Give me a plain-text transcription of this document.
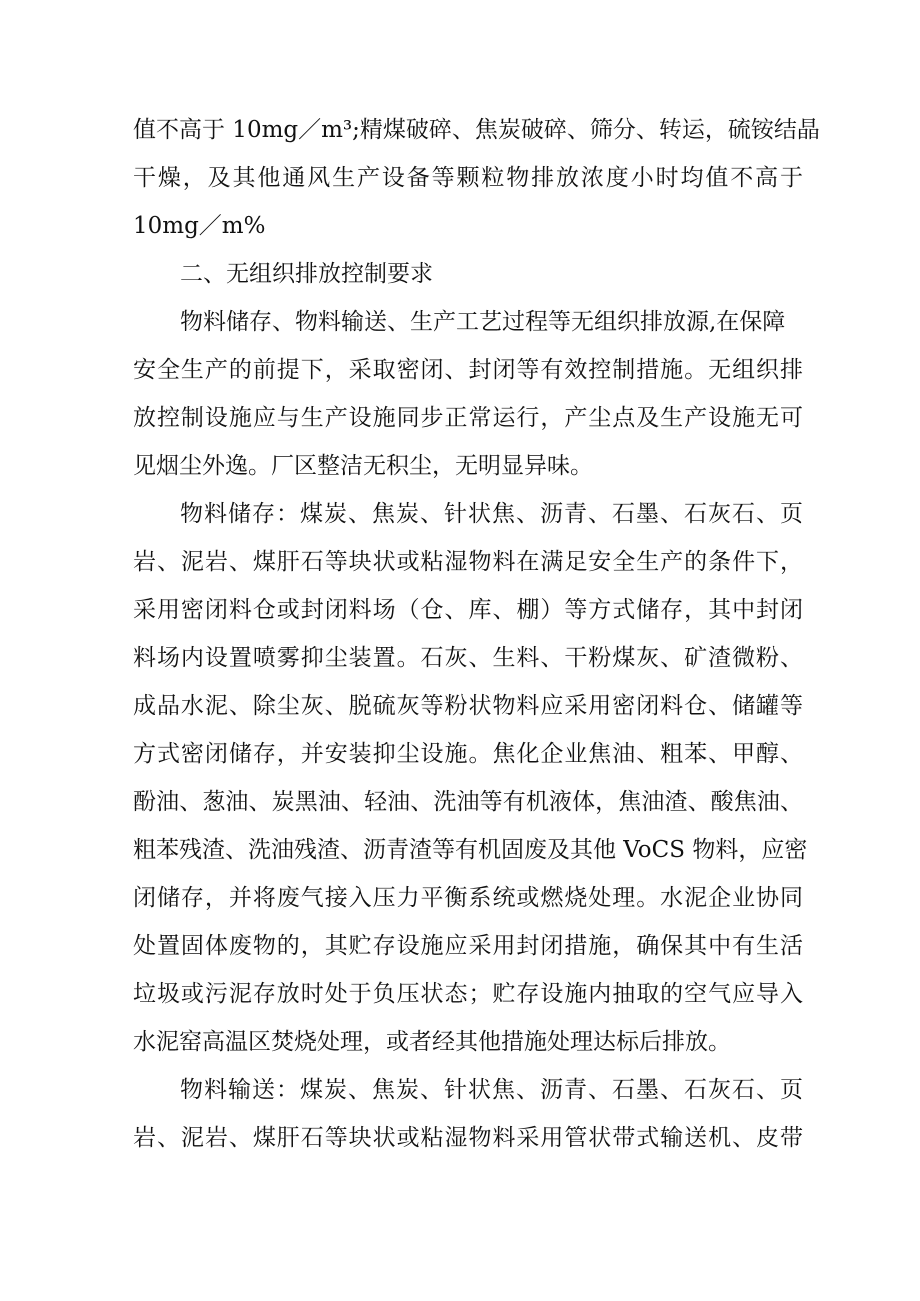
值不高于 10mg／m³;精煤破碎、焦炭破碎、筛分、转运，硫铵结晶
干燥，及其他通风生产设备等颗粒物排放浓度小时均值不高于
10mg／m%
二、无组织排放控制要求
物料储存、物料输送、生产工艺过程等无组织排放源,在保障
安全生产的前提下，采取密闭、封闭等有效控制措施。无组织排
放控制设施应与生产设施同步正常运行，产尘点及生产设施无可
见烟尘外逸。厂区整洁无积尘，无明显异味。
物料储存：煤炭、焦炭、针状焦、沥青、石墨、石灰石、页
岩、泥岩、煤肝石等块状或粘湿物料在满足安全生产的条件下，
采用密闭料仓或封闭料场（仓、库、棚）等方式储存，其中封闭
料场内设置喷雾抑尘装置。石灰、生料、干粉煤灰、矿渣微粉、
成品水泥、除尘灰、脱硫灰等粉状物料应采用密闭料仓、储罐等
方式密闭储存，并安装抑尘设施。焦化企业焦油、粗苯、甲醇、
酚油、葱油、炭黑油、轻油、洗油等有机液体，焦油渣、酸焦油、
粗苯残渣、洗油残渣、沥青渣等有机固废及其他 VoCS 物料，应密
闭储存，并将废气接入压力平衡系统或燃烧处理。水泥企业协同
处置固体废物的，其贮存设施应采用封闭措施，确保其中有生活
垃圾或污泥存放时处于负压状态；贮存设施内抽取的空气应导入
水泥窑高温区焚烧处理，或者经其他措施处理达标后排放。
物料输送：煤炭、焦炭、针状焦、沥青、石墨、石灰石、页
岩、泥岩、煤肝石等块状或粘湿物料采用管状带式输送机、皮带
